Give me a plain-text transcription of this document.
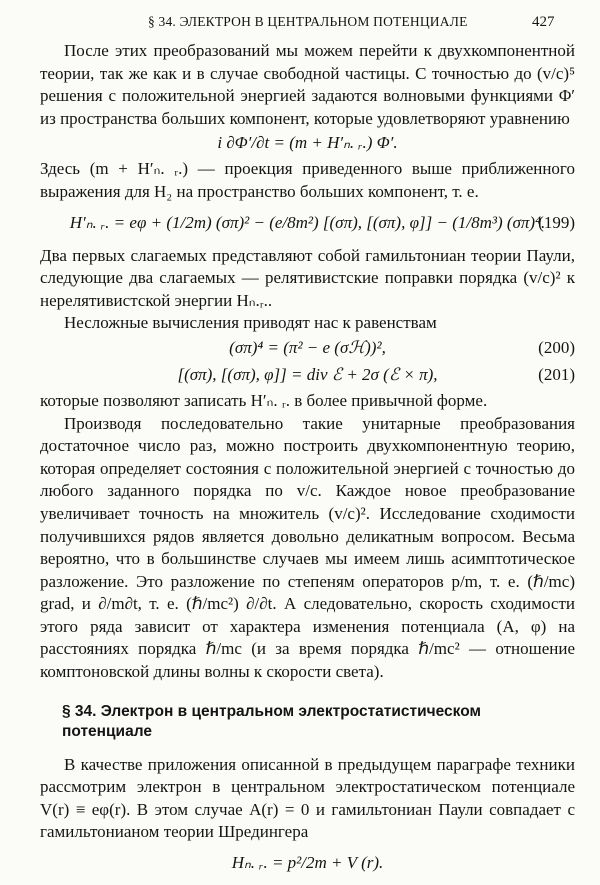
§ 34. ЭЛЕКТРОН В ЦЕНТРАЛЬНОМ ПОТЕНЦИАЛЕ	427

После этих преобразований мы можем перейти к двухкомпонентной теории, так же как и в случае свободной частицы. С точностью до (v/c)⁵ решения с положительной энергией задаются волновыми функциями Φ′ из пространства больших компонент, которые удовлетворяют уравнению

i ∂Φ′/∂t = (m + H′ₙ. ᵣ.) Φ′.

Здесь (m + H′ₙ. ᵣ.) — проекция приведенного выше приближенного выражения для H₂ на пространство больших компонент, т. е.

H′ₙ. ᵣ. = eφ + (1/2m) (σπ)² − (e/8m²) [(σπ), [(σπ), φ]] − (1/8m³) (σπ)⁴.
(199)

Два первых слагаемых представляют собой гамильтониан теории Паули, следующие два слагаемых — релятивистские поправки порядка (v/c)² к нерелятивистской энергии Hₙ.ᵣ..

Несложные вычисления приводят нас к равенствам

(σπ)⁴ = (π² − e (σℋ))²,	(200)
[(σπ), [(σπ), φ]] = div ℰ + 2σ (ℰ × π),	(201)

которые позволяют записать H′ₙ. ᵣ. в более привычной форме.

Производя последовательно такие унитарные преобразования достаточное число раз, можно построить двухкомпонентную теорию, которая определяет состояния с положительной энергией с точностью до любого заданного порядка по v/c. Каждое новое преобразование увеличивает точность на множитель (v/c)². Исследование сходимости получившихся рядов является довольно деликатным вопросом. Весьма вероятно, что в большинстве случаев мы имеем лишь асимптотическое разложение. Это разложение по степеням операторов p/m, т. е. (ℏ/mc) grad, и ∂/m∂t, т. е. (ℏ/mc²) ∂/∂t. А следовательно, скорость сходимости этого ряда зависит от характера изменения потенциала (A, φ) на расстояниях порядка ℏ/mc (и за время порядка ℏ/mc² — отношение комптоновской длины волны к скорости света).

§ 34. Электрон в центральном электростатистическом потенциале

В качестве приложения описанной в предыдущем параграфе техники рассмотрим электрон в центральном электростатическом потенциале V(r) ≡ eφ(r). В этом случае A(r) = 0 и гамильтониан Паули совпадает с гамильтонианом теории Шредингера

Hₙ. ᵣ. = p²/2m + V (r).
